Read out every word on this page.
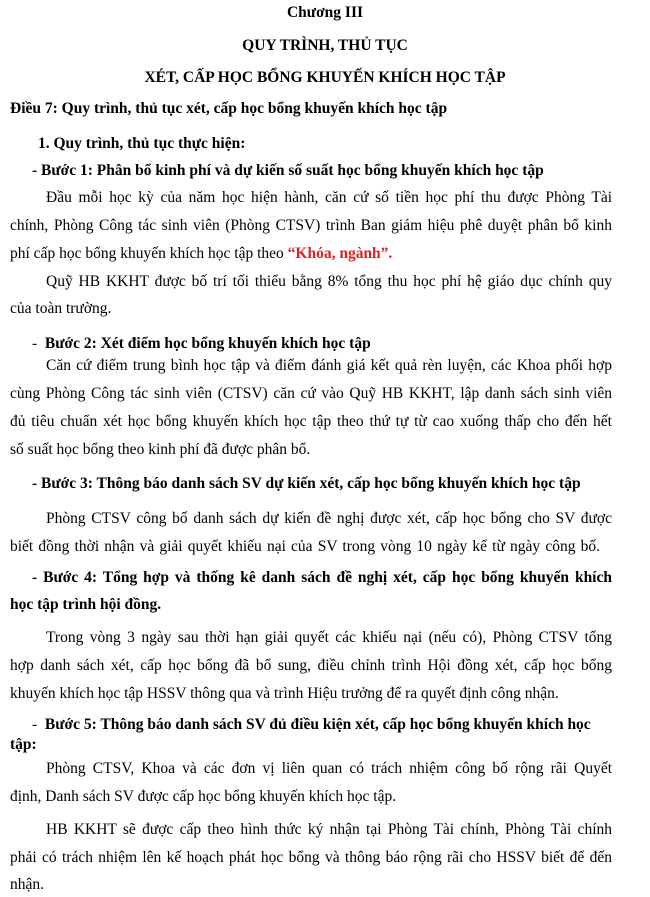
Chương III
QUY TRÌNH, THỦ TỤC
XÉT, CẤP HỌC BỔNG KHUYẾN KHÍCH HỌC TẬP
Điều 7: Quy trình, thủ tục xét, cấp học bổng khuyến khích học tập
1. Quy trình, thủ tục thực hiện:
- Bước 1: Phân bổ kinh phí và dự kiến số suất học bổng khuyến khích học tập
Đầu mỗi học kỳ của năm học hiện hành, căn cứ số tiền học phí thu được Phòng Tài
chính, Phòng Công tác sinh viên (Phòng CTSV) trình Ban giám hiệu phê duyệt phân bổ kinh
phí cấp học bổng khuyến khích học tập theo “Khóa, ngành”.
Quỹ HB KKHT được bố trí tối thiểu bằng 8% tổng thu học phí hệ giáo dục chính quy
của toàn trường.
- Bước 2: Xét điểm học bổng khuyến khích học tập
Căn cứ điểm trung bình học tập và điểm đánh giá kết quả rèn luyện, các Khoa phối hợp
cùng Phòng Công tác sinh viên (CTSV) căn cứ vào Quỹ HB KKHT, lập danh sách sinh viên
đủ tiêu chuẩn xét học bổng khuyến khích học tập theo thứ tự từ cao xuống thấp cho đến hết
số suất học bổng theo kinh phí đã được phân bổ.
- Bước 3: Thông báo danh sách SV dự kiến xét, cấp học bổng khuyến khích học tập
Phòng CTSV công bố danh sách dự kiến đề nghị được xét, cấp học bổng cho SV được
biết đồng thời nhận và giải quyết khiếu nại của SV trong vòng 10 ngày kể từ ngày công bố.
- Bước 4: Tổng hợp và thống kê danh sách đề nghị xét, cấp học bổng khuyến khích
học tập trình hội đồng.
Trong vòng 3 ngày sau thời hạn giải quyết các khiếu nại (nếu có), Phòng CTSV tổng
hợp danh sách xét, cấp học bổng đã bổ sung, điều chỉnh trình Hội đồng xét, cấp học bổng
khuyến khích học tập HSSV thông qua và trình Hiệu trưởng để ra quyết định công nhận.
- Bước 5: Thông báo danh sách SV đủ điều kiện xét, cấp học bổng khuyến khích học
tập:
Phòng CTSV, Khoa và các đơn vị liên quan có trách nhiệm công bố rộng rãi Quyết
định, Danh sách SV được cấp học bổng khuyến khích học tập.
HB KKHT sẽ được cấp theo hình thức ký nhận tại Phòng Tài chính, Phòng Tài chính
phải có trách nhiệm lên kế hoạch phát học bổng và thông báo rộng rãi cho HSSV biết để đến
nhận.
